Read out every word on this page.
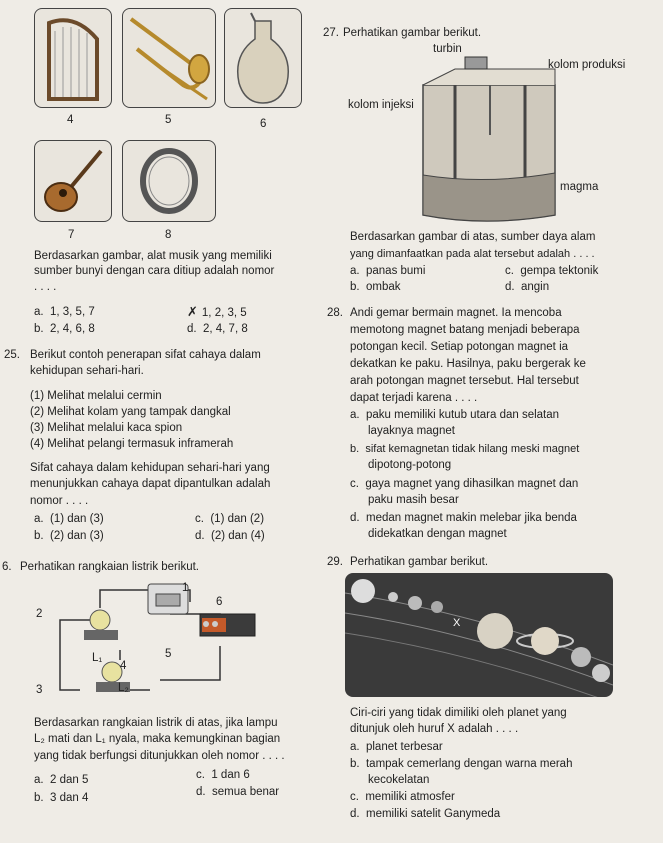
4	5	6
7	8
Berdasarkan gambar, alat musik yang memiliki
sumber bunyi dengan cara ditiup adalah nomor
. . . .
a. 1, 3, 5, 7	✗ 1, 2, 3, 5
b. 2, 4, 6, 8	d. 2, 4, 7, 8
25. Berikut contoh penerapan sifat cahaya dalam
kehidupan sehari-hari.
(1) Melihat melalui cermin
(2) Melihat kolam yang tampak dangkal
(3) Melihat melalui kaca spion
(4) Melihat pelangi termasuk inframerah
Sifat cahaya dalam kehidupan sehari-hari yang
menunjukkan cahaya dapat dipantulkan adalah
nomor . . . .
a. (1) dan (3)	c. (1) dan (2)
b. (2) dan (3)	d. (2) dan (4)
6. Perhatikan rangkaian listrik berikut.
1
2
3
4
5
6
L₁
L₂
Berdasarkan rangkaian listrik di atas, jika lampu
L₂ mati dan L₁ nyala, maka kemungkinan bagian
yang tidak berfungsi ditunjukkan oleh nomor . . . .
a. 2 dan 5	c. 1 dan 6
b. 3 dan 4	d. semua benar
27. Perhatikan gambar berikut.
turbin
kolom produksi
kolom injeksi
magma
Berdasarkan gambar di atas, sumber daya alam
yang dimanfaatkan pada alat tersebut adalah . . . .
a. panas bumi	c. gempa tektonik
b. ombak	d. angin
28. Andi gemar bermain magnet. Ia mencoba
memotong magnet batang menjadi beberapa
potongan kecil. Setiap potongan magnet ia
dekatkan ke paku. Hasilnya, paku bergerak ke
arah potongan magnet tersebut. Hal tersebut
dapat terjadi karena . . . .
a. paku memiliki kutub utara dan selatan
layaknya magnet
b. sifat kemagnetan tidak hilang meski magnet
dipotong-potong
c. gaya magnet yang dihasilkan magnet dan
paku masih besar
d. medan magnet makin melebar jika benda
didekatkan dengan magnet
29. Perhatikan gambar berikut.
X
Ciri-ciri yang tidak dimiliki oleh planet yang
ditunjuk oleh huruf X adalah . . . .
a. planet terbesar
b. tampak cemerlang dengan warna merah
kecokelatan
c. memiliki atmosfer
d. memiliki satelit Ganymeda
